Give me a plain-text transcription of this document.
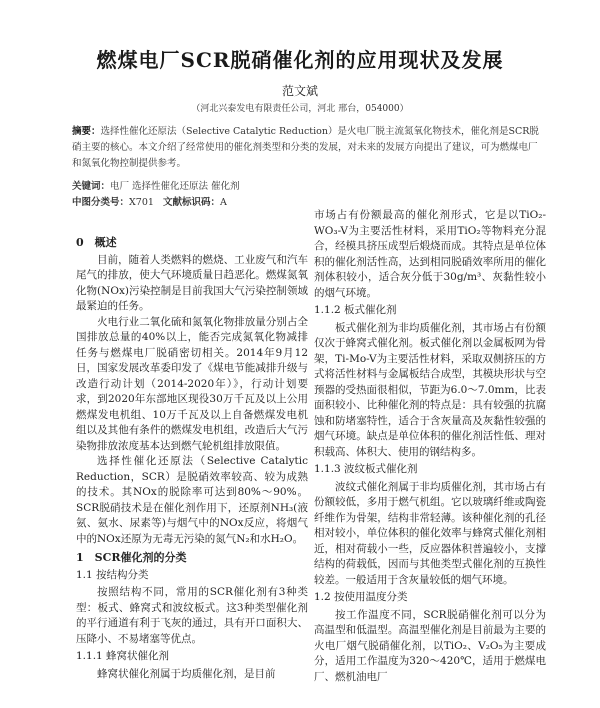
燃煤电厂SCR脱硝催化剂的应用现状及发展
范文斌
（河北兴泰发电有限责任公司，河北 邢台，054000）
摘要：选择性催化还原法（Selective Catalytic Reduction）是火电厂脱主流氮氧化物技术，催化剂是SCR脱硝主要的核心。本文介绍了经常使用的催化剂类型和分类的发展，对未来的发展方向提出了建议，可为燃煤电厂和氮氧化物控制提供参考。
关键词：电厂 选择性催化还原法 催化剂
中图分类号：X701 文献标识码：A
0　概述

目前，随着人类燃料的燃烧、工业废气和汽车尾气的排放，使大气环境质量日趋恶化。燃煤氮氧化物(NOx)污染控制是目前我国大气污染控制领域最紧迫的任务。

火电行业二氧化硫和氮氧化物排放量分别占全国排放总量的40%以上，能否完成氮氧化物减排任务与燃煤电厂脱硝密切相关。2014年9月12日，国家发展改革委印发了《煤电节能减排升级与改造行动计划（2014-2020年）》，行动计划要求，到2020年东部地区现役30万千瓦及以上公用燃煤发电机组、10万千瓦及以上自备燃煤发电机组以及其他有条件的燃煤发电机组，改造后大气污染物排放浓度基本达到燃气轮机组排放限值。

选择性催化还原法（Selective Catalytic Reduction，SCR）是脱硝效率较高、较为成熟的技术。其NOx的脱除率可达到80%～90%。SCR脱硝技术是在催化剂作用下，还原剂NH₃(液氨、氨水、尿素等)与烟气中的NOx反应，将烟气中的NOx还原为无毒无污染的氮气N₂和水H₂O。

1　SCR催化剂的分类
1.1 按结构分类

按照结构不同，常用的SCR催化剂有3种类型：板式、蜂窝式和波纹板式。这3种类型催化剂的平行通道有利于飞灰的通过，具有开口面积大、压降小、不易堵塞等优点。

1.1.1 蜂窝状催化剂

蜂窝状催化剂属于均质催化剂，是目前

市场占有份额最高的催化剂形式，它是以TiO₂-WO₃-V为主要活性材料，采用TiO₂等物料充分混合，经模具挤压成型后煅烧而成。其特点是单位体积的催化剂活性高，达到相同脱硝效率所用的催化剂体积较小，适合灰分低于30g/m³、灰黏性较小的烟气环境。

1.1.2 板式催化剂

板式催化剂为非均质催化剂，其市场占有份额仅次于蜂窝式催化剂。板式催化剂以金属板网为骨架，Ti-Mo-V为主要活性材料，采取双侧挤压的方式将活性材料与金属板结合成型，其模块形状与空预器的受热面很相似，节距为6.0～7.0mm，比表面积较小、比种催化剂的特点是：具有较强的抗腐蚀和防堵塞特性，适合于含灰量高及灰黏性较强的烟气环境。缺点是单位体积的催化剂活性低、理对积载高、体积大、使用的钢结构多。

1.1.3 波纹板式催化剂

波纹式催化剂属于非均质催化剂，其市场占有份额较低，多用于燃气机组。它以玻璃纤维或陶瓷纤维作为骨架，结构非常轻薄。该种催化剂的孔径相对较小，单位体积的催化效率与蜂窝式催化剂相近，相对荷载小一些，反应器体积普遍较小，支撑结构的荷载低，因而与其他类型式催化剂的互换性较差。一般适用于含灰量较低的烟气环境。

1.2 按使用温度分类

按工作温度不同，SCR脱硝催化剂可以分为高温型和低温型。高温型催化剂是目前最为主要的火电厂烟气脱硝催化剂，以TiO₂、V₂O₅为主要成分，适用工作温度为320～420℃，适用于燃煤电厂、燃机油电厂
